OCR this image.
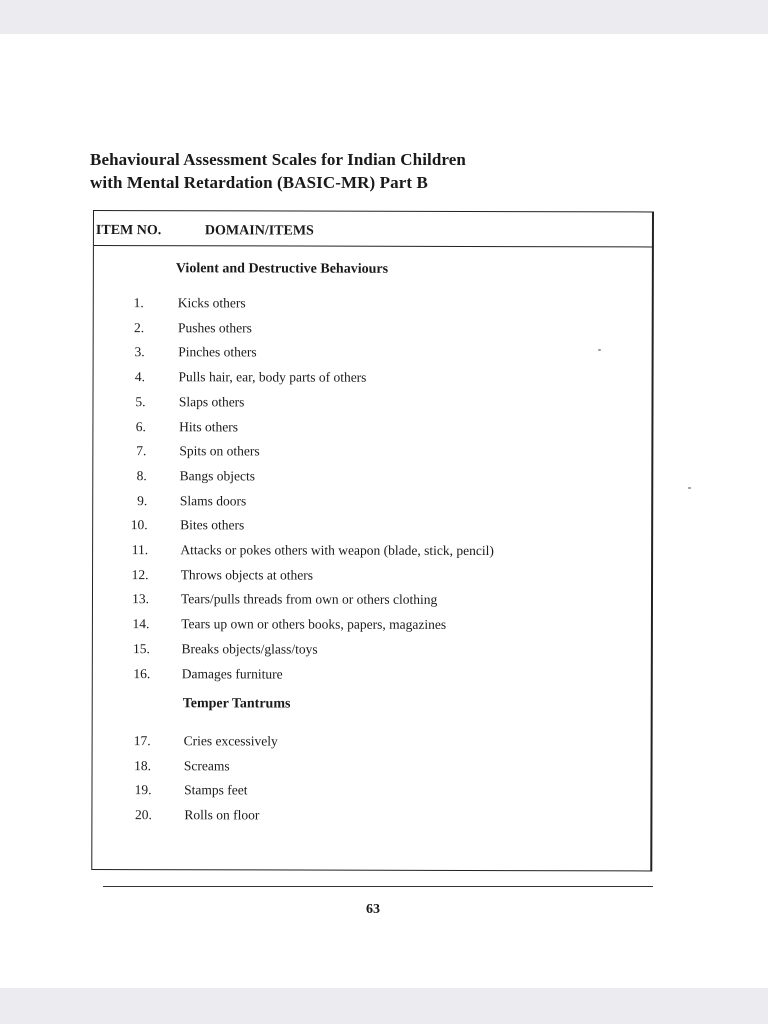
Behavioural Assessment Scales for Indian Children
with Mental Retardation (BASIC-MR) Part B
ITEM NO.	DOMAIN/ITEMS
Violent and Destructive Behaviours
1.	Kicks others
2.	Pushes others
3. Pinches others
4. Pulls hair, ear, body parts of others
5. Slaps others
6. Hits others
7. Spits on others
8. Bangs objects
9. Slams doors
10. Bites others
11. Attacks or pokes others with weapon (blade, stick, pencil)
12. Throws objects at others
13. Tears/pulls threads from own or others clothing
14. Tears up own or others books, papers, magazines
15. Breaks objects/glass/toys
16. Damages furniture
Temper Tantrums
17. Cries excessively
18. Screams
19. Stamps feet
20. Rolls on floor
63
